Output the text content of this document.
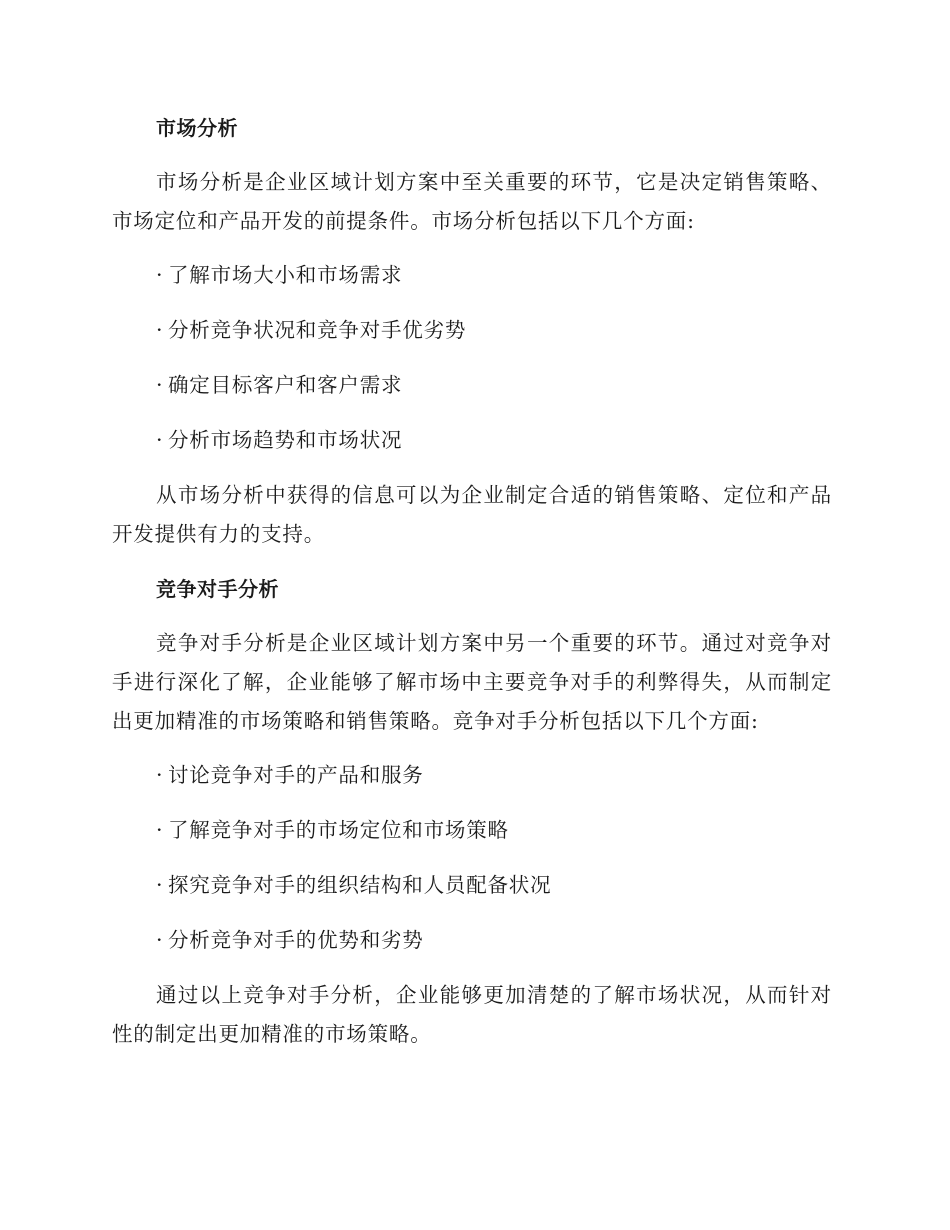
市场分析

市场分析是企业区域计划方案中至关重要的环节，它是决定销售策略、市场定位和产品开发的前提条件。市场分析包括以下几个方面:

· 了解市场大小和市场需求
· 分析竞争状况和竞争对手优劣势
· 确定目标客户和客户需求
· 分析市场趋势和市场状况

从市场分析中获得的信息可以为企业制定合适的销售策略、定位和产品开发提供有力的支持。

竞争对手分析

竞争对手分析是企业区域计划方案中另一个重要的环节。通过对竞争对手进行深化了解，企业能够了解市场中主要竞争对手的利弊得失，从而制定出更加精准的市场策略和销售策略。竞争对手分析包括以下几个方面:

· 讨论竞争对手的产品和服务
· 了解竞争对手的市场定位和市场策略
· 探究竞争对手的组织结构和人员配备状况
· 分析竞争对手的优势和劣势

通过以上竞争对手分析，企业能够更加清楚的了解市场状况，从而针对性的制定出更加精准的市场策略。
